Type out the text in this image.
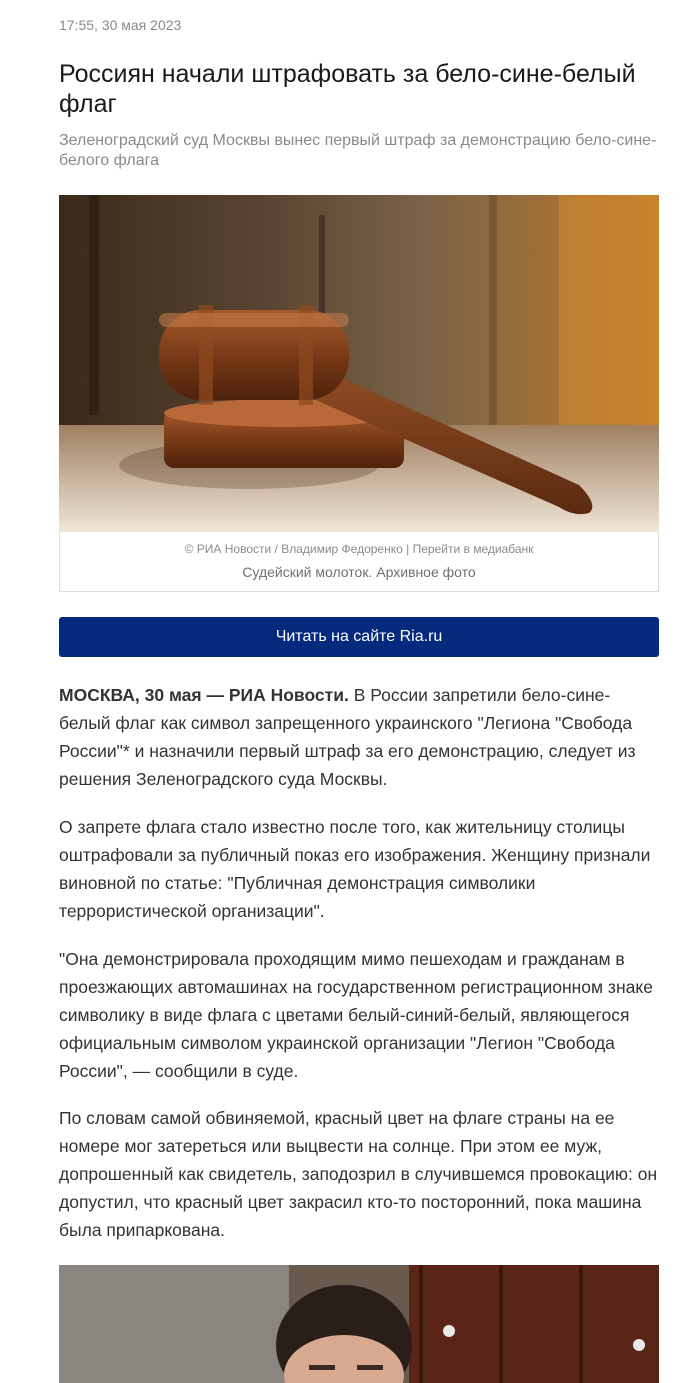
17:55, 30 мая 2023
Россиян начали штрафовать за бело-сине-белый флаг
Зеленоградский суд Москвы вынес первый штраф за демонстрацию бело-сине-белого флага
© РИА Новости / Владимир Федоренко | Перейти в медиабанк
Судейский молоток. Архивное фото
Читать на сайте Ria.ru

МОСКВА, 30 мая — РИА Новости. В России запретили бело-сине-белый флаг как символ запрещенного украинского "Легиона "Свобода России"* и назначили первый штраф за его демонстрацию, следует из решения Зеленоградского суда Москвы.

О запрете флага стало известно после того, как жительницу столицы оштрафовали за публичный показ его изображения. Женщину признали виновной по статье: "Публичная демонстрация символики террористической организации".

"Она демонстрировала проходящим мимо пешеходам и гражданам в проезжающих автомашинах на государственном регистрационном знаке символику в виде флага с цветами белый-синий-белый, являющегося официальным символом украинской организации "Легион "Свобода России", — сообщили в суде.

По словам самой обвиняемой, красный цвет на флаге страны на ее номере мог затереться или выцвести на солнце. При этом ее муж, допрошенный как свидетель, заподозрил в случившемся провокацию: он допустил, что красный цвет закрасил кто-то посторонний, пока машина была припаркована.
